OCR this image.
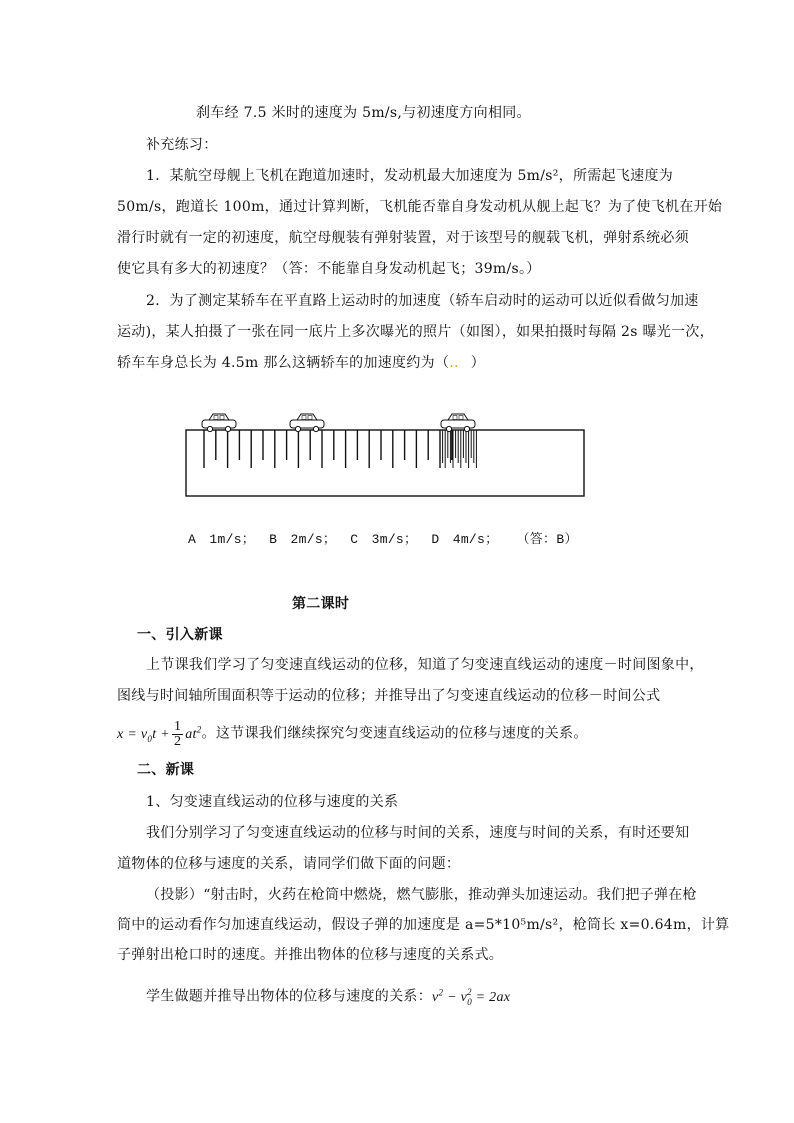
刹车经 7.5 米时的速度为 5m/s,与初速度方向相同。
补充练习：
1．某航空母舰上飞机在跑道加速时，发动机最大加速度为 5m/s²，所需起飞速度为
50m/s，跑道长 100m，通过计算判断，飞机能否靠自身发动机从舰上起飞？为了使飞机在开始
滑行时就有一定的初速度，航空母舰装有弹射装置，对于该型号的舰载飞机，弹射系统必须
使它具有多大的初速度？（答：不能靠自身发动机起飞；39m/s。）
2．为了测定某轿车在平直路上运动时的加速度（轿车启动时的运动可以近似看做匀加速
运动)，某人拍摄了一张在同一底片上多次曝光的照片（如图），如果拍摄时每隔 2s 曝光一次，
轿车车身总长为 4.5m 那么这辆轿车的加速度约为（.. ）
A　1m/s； B　2m/s； C　3m/s； D　4m/s； （答：B）
第二课时
一、引入新课
上节课我们学习了匀变速直线运动的位移，知道了匀变速直线运动的速度－时间图象中，
图线与时间轴所围面积等于运动的位移；并推导出了匀变速直线运动的位移－时间公式
$x = v_0t + \frac{1}{2} at^2$。这节课我们继续探究匀变速直线运动的位移与速度的关系。
二、新课
1、匀变速直线运动的位移与速度的关系
我们分别学习了匀变速直线运动的位移与时间的关系，速度与时间的关系，有时还要知
道物体的位移与速度的关系，请同学们做下面的问题：
（投影）“射击时，火药在枪筒中燃烧，燃气膨胀，推动弹头加速运动。我们把子弹在枪
筒中的运动看作匀加速直线运动，假设子弹的加速度是 a=5*10⁵m/s²，枪筒长 x=0.64m，计算
子弹射出枪口时的速度。并推出物体的位移与速度的关系式。
学生做题并推导出物体的位移与速度的关系：$v^2 - v_0^2 = 2ax$
